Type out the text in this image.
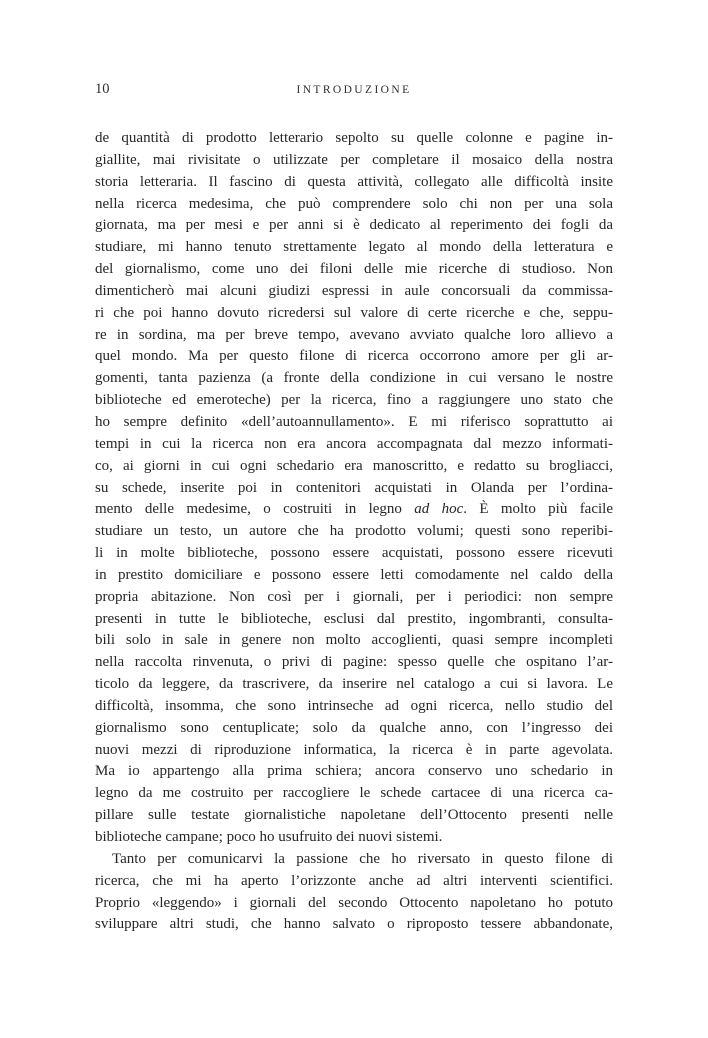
10	INTRODUZIONE
de quantità di prodotto letterario sepolto su quelle colonne e pagine in-
giallite, mai rivisitate o utilizzate per completare il mosaico della nostra
storia letteraria. Il fascino di questa attività, collegato alle difficoltà insite
nella ricerca medesima, che può comprendere solo chi non per una sola
giornata, ma per mesi e per anni si è dedicato al reperimento dei fogli da
studiare, mi hanno tenuto strettamente legato al mondo della letteratura e
del giornalismo, come uno dei filoni delle mie ricerche di studioso. Non
dimenticherò mai alcuni giudizi espressi in aule concorsuali da commissa-
ri che poi hanno dovuto ricredersi sul valore di certe ricerche e che, seppu-
re in sordina, ma per breve tempo, avevano avviato qualche loro allievo a
quel mondo. Ma per questo filone di ricerca occorrono amore per gli ar-
gomenti, tanta pazienza (a fronte della condizione in cui versano le nostre
biblioteche ed emeroteche) per la ricerca, fino a raggiungere uno stato che
ho sempre definito «dell’autoannullamento». E mi riferisco soprattutto ai
tempi in cui la ricerca non era ancora accompagnata dal mezzo informati-
co, ai giorni in cui ogni schedario era manoscritto, e redatto su brogliacci,
su schede, inserite poi in contenitori acquistati in Olanda per l’ordina-
mento delle medesime, o costruiti in legno ad hoc. È molto più facile
studiare un testo, un autore che ha prodotto volumi; questi sono reperibi-
li in molte biblioteche, possono essere acquistati, possono essere ricevuti
in prestito domiciliare e possono essere letti comodamente nel caldo della
propria abitazione. Non così per i giornali, per i periodici: non sempre
presenti in tutte le biblioteche, esclusi dal prestito, ingombranti, consulta-
bili solo in sale in genere non molto accoglienti, quasi sempre incompleti
nella raccolta rinvenuta, o privi di pagine: spesso quelle che ospitano l’ar-
ticolo da leggere, da trascrivere, da inserire nel catalogo a cui si lavora. Le
difficoltà, insomma, che sono intrinseche ad ogni ricerca, nello studio del
giornalismo sono centuplicate; solo da qualche anno, con l’ingresso dei
nuovi mezzi di riproduzione informatica, la ricerca è in parte agevolata.
Ma io appartengo alla prima schiera; ancora conservo uno schedario in
legno da me costruito per raccogliere le schede cartacee di una ricerca ca-
pillare sulle testate giornalistiche napoletane dell’Ottocento presenti nelle
biblioteche campane; poco ho usufruito dei nuovi sistemi.
Tanto per comunicarvi la passione che ho riversato in questo filone di
ricerca, che mi ha aperto l’orizzonte anche ad altri interventi scientifici.
Proprio «leggendo» i giornali del secondo Ottocento napoletano ho potuto
sviluppare altri studi, che hanno salvato o riproposto tessere abbandonate,
